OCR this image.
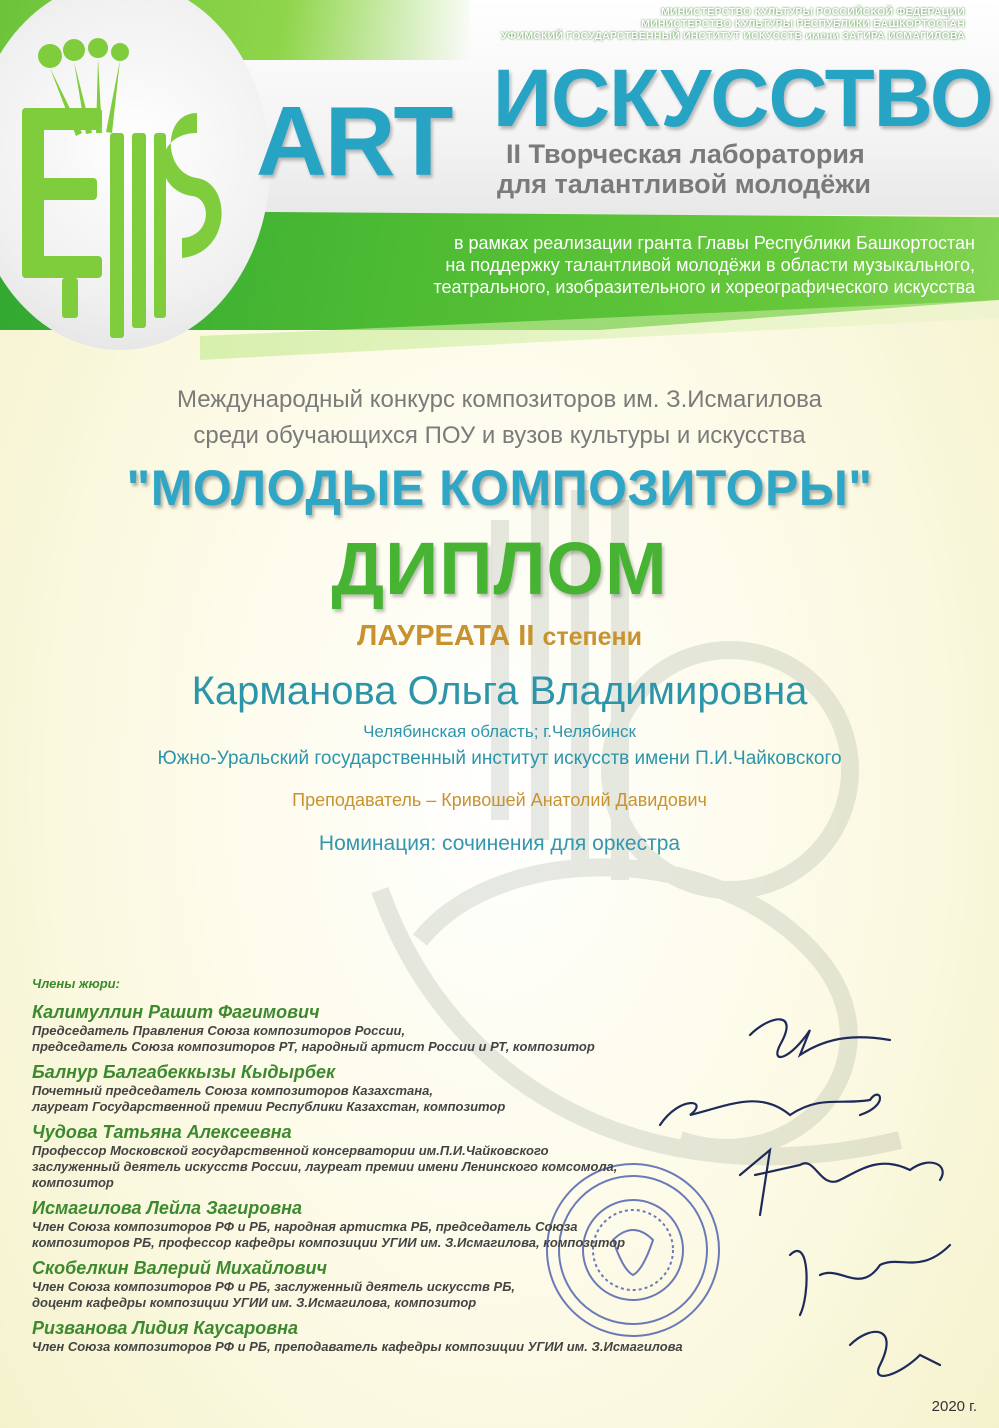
МИНИСТЕРСТВО КУЛЬТУРЫ РОССИЙСКОЙ ФЕДЕРАЦИИ
МИНИСТЕРСТВО КУЛЬТУРЫ РЕСПУБЛИКИ БАШКОРТОСТАН
УФИМСКИЙ ГОСУДАРСТВЕННЫЙ ИНСТИТУТ ИСКУССТВ имени ЗАГИРА ИСМАГИЛОВА
ART ИСКУССТВО
II Творческая лаборатория
для талантливой молодёжи
в рамках реализации гранта Главы Республики Башкортостан
на поддержку талантливой молодёжи в области музыкального,
театрального, изобразительного и хореографического искусства
Международный конкурс композиторов им. З.Исмагилова
среди обучающихся ПОУ и вузов культуры и искусства
"МОЛОДЫЕ КОМПОЗИТОРЫ"
ДИПЛОМ
ЛАУРЕАТА II степени
Карманова Ольга Владимировна
Челябинская область; г.Челябинск
Южно-Уральский государственный институт искусств имени П.И.Чайковского
Преподаватель – Кривошей Анатолий Давидович
Номинация: сочинения для оркестра
Члены жюри:
Калимуллин Рашит Фагимович
Председатель Правления Союза композиторов России,
председатель Союза композиторов РТ, народный артист России и РТ, композитор
Балнур Балгабеккызы Кыдырбек
Почетный председатель Союза композиторов Казахстана,
лауреат Государственной премии Республики Казахстан, композитор
Чудова Татьяна Алексеевна
Профессор Московской государственной консерватории им.П.И.Чайковского
заслуженный деятель искусств России, лауреат премии имени Ленинского комсомола,
композитор
Исмагилова Лейла Загировна
Член Союза композиторов РФ и РБ, народная артистка РБ, председатель Союза
композиторов РБ, профессор кафедры композиции УГИИ им. З.Исмагилова, композитор
Скобелкин Валерий Михайлович
Член Союза композиторов РФ и РБ, заслуженный деятель искусств РБ,
доцент кафедры композиции УГИИ им. З.Исмагилова, композитор
Ризванова Лидия Каусаровна
Член Союза композиторов РФ и РБ, преподаватель кафедры композиции УГИИ им. З.Исмагилова
2020 г.
